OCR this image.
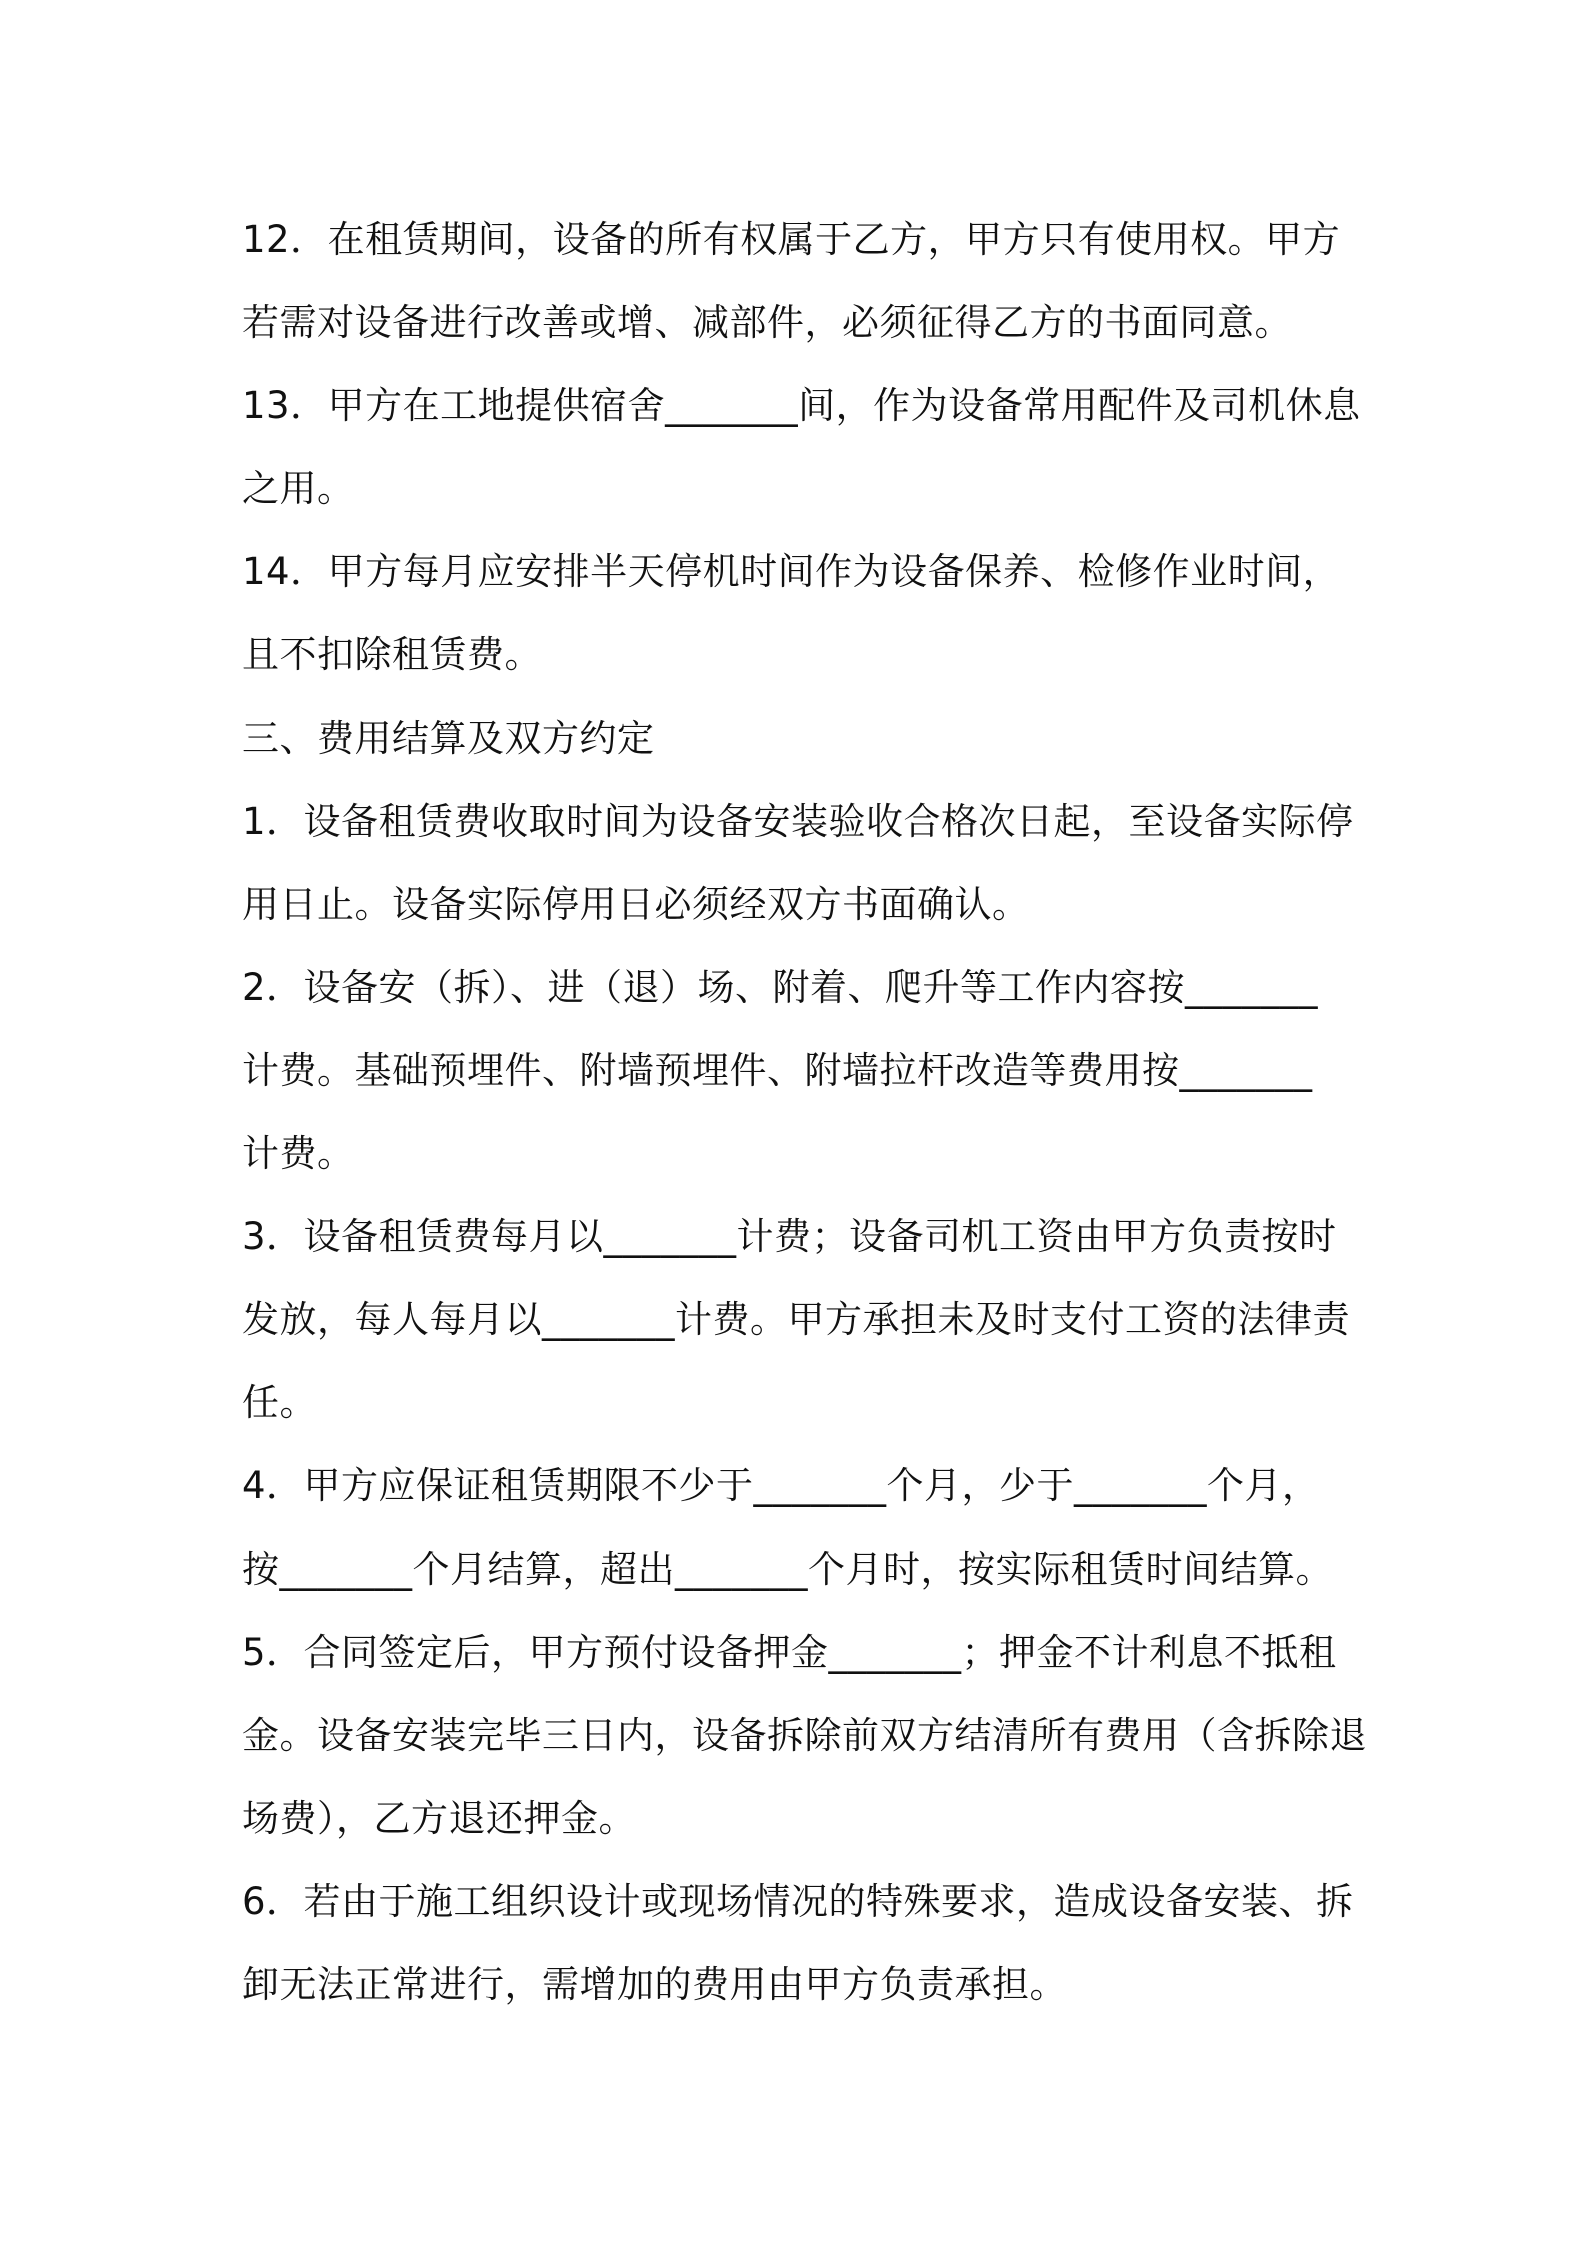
12．在租赁期间，设备的所有权属于乙方，甲方只有使用权。甲方
若需对设备进行改善或增、减部件，必须征得乙方的书面同意。
13．甲方在工地提供宿舍_______间，作为设备常用配件及司机休息
之用。
14．甲方每月应安排半天停机时间作为设备保养、检修作业时间，
且不扣除租赁费。
三、费用结算及双方约定
1．设备租赁费收取时间为设备安装验收合格次日起，至设备实际停
用日止。设备实际停用日必须经双方书面确认。
2．设备安（拆）、进（退）场、附着、爬升等工作内容按_______
计费。基础预埋件、附墙预埋件、附墙拉杆改造等费用按_______
计费。
3．设备租赁费每月以_______计费；设备司机工资由甲方负责按时
发放，每人每月以_______计费。甲方承担未及时支付工资的法律责
任。
4．甲方应保证租赁期限不少于_______个月，少于_______个月，
按_______个月结算，超出_______个月时，按实际租赁时间结算。
5．合同签定后，甲方预付设备押金_______；押金不计利息不抵租
金。设备安装完毕三日内，设备拆除前双方结清所有费用（含拆除退
场费），乙方退还押金。
6．若由于施工组织设计或现场情况的特殊要求，造成设备安装、拆
卸无法正常进行，需增加的费用由甲方负责承担。
